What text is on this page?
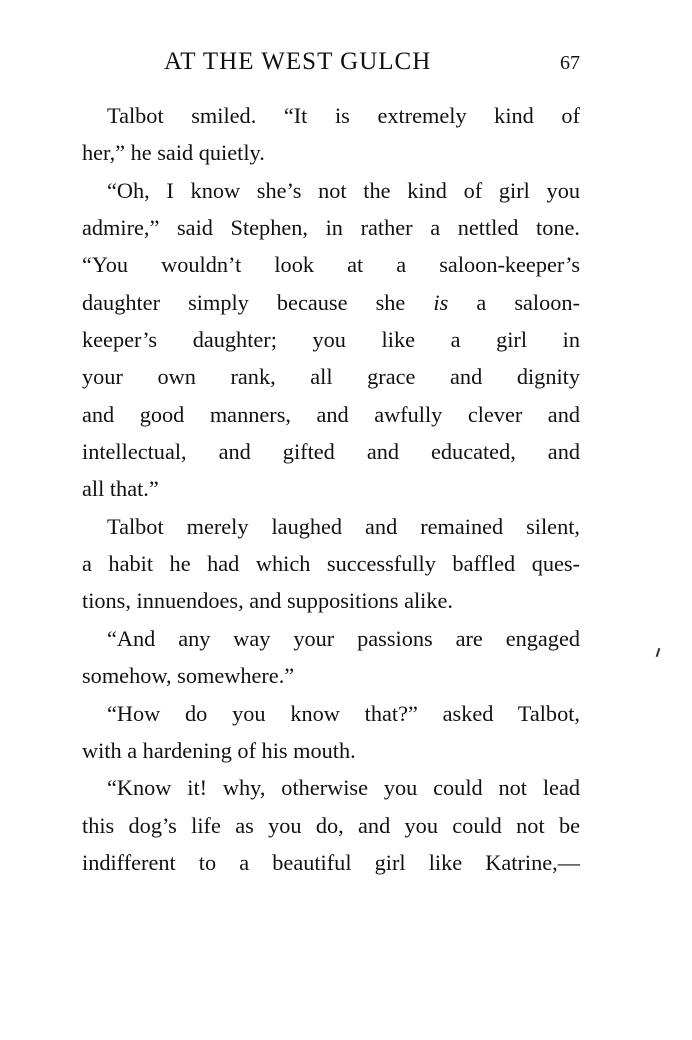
AT THE WEST GULCH	67
Talbot smiled. “It is extremely kind of
her,” he said quietly.
“Oh, I know she’s not the kind of girl you
admire,” said Stephen, in rather a nettled tone.
“You wouldn’t look at a saloon-keeper’s
daughter simply because she is a saloon-
keeper’s daughter; you like a girl in
your own rank, all grace and dignity
and good manners, and awfully clever and
intellectual, and gifted and educated, and
all that.”
Talbot merely laughed and remained silent,
a habit he had which successfully baffled ques-
tions, innuendoes, and suppositions alike.
“And any way your passions are engaged
somehow, somewhere.”
“How do you know that?” asked Talbot,
with a hardening of his mouth.
“Know it! why, otherwise you could not lead
this dog’s life as you do, and you could not be
indifferent to a beautiful girl like Katrine,—
